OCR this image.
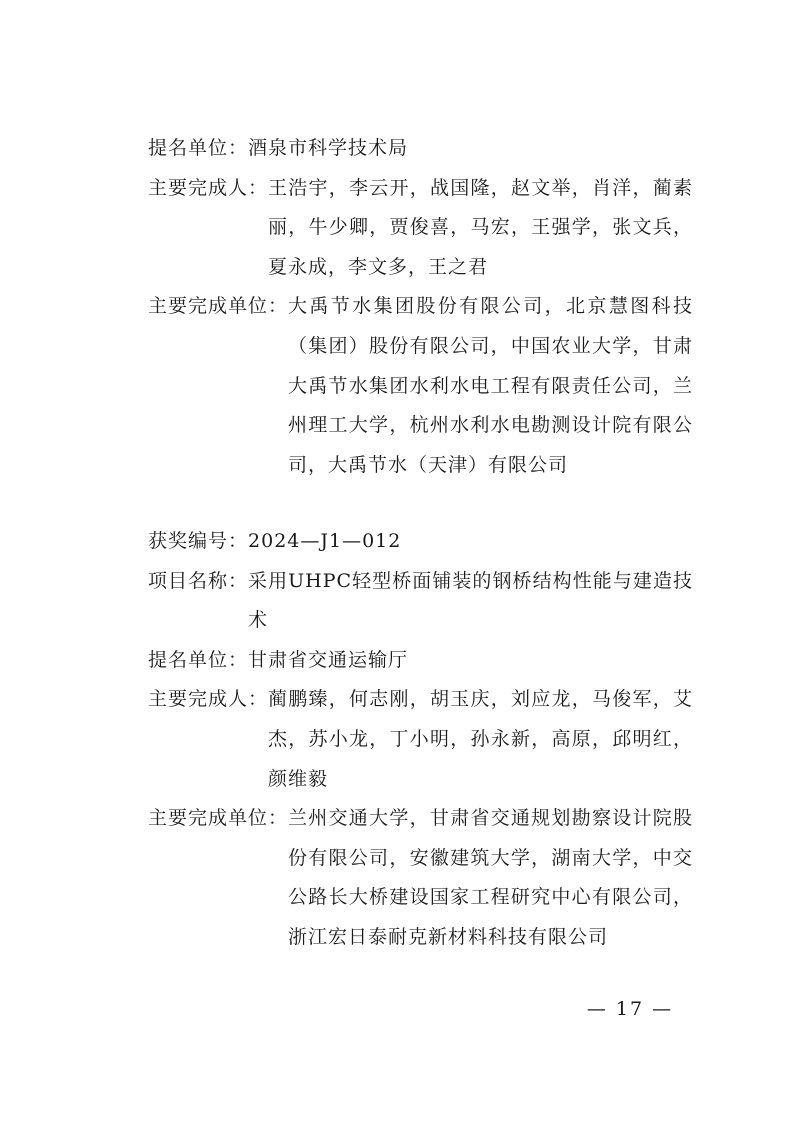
提名单位： 酒泉市科学技术局
主要完成人： 王浩宇，李云开，战国隆，赵文举，肖洋，蔺素丽，牛少卿，贾俊喜，马宏，王强学，张文兵，夏永成，李文多，王之君
主要完成单位： 大禹节水集团股份有限公司，北京慧图科技（集团）股份有限公司，中国农业大学，甘肃大禹节水集团水利水电工程有限责任公司，兰州理工大学，杭州水利水电勘测设计院有限公司，大禹节水（天津）有限公司
获奖编号： 2024—J1—012
项目名称： 采用UHPC轻型桥面铺装的钢桥结构性能与建造技术
提名单位： 甘肃省交通运输厅
主要完成人： 蔺鹏臻，何志刚，胡玉庆，刘应龙，马俊军，艾杰，苏小龙，丁小明，孙永新，高原，邱明红，颜维毅
主要完成单位： 兰州交通大学，甘肃省交通规划勘察设计院股份有限公司，安徽建筑大学，湖南大学，中交公路长大桥建设国家工程研究中心有限公司，浙江宏日泰耐克新材料科技有限公司
— 17 —
